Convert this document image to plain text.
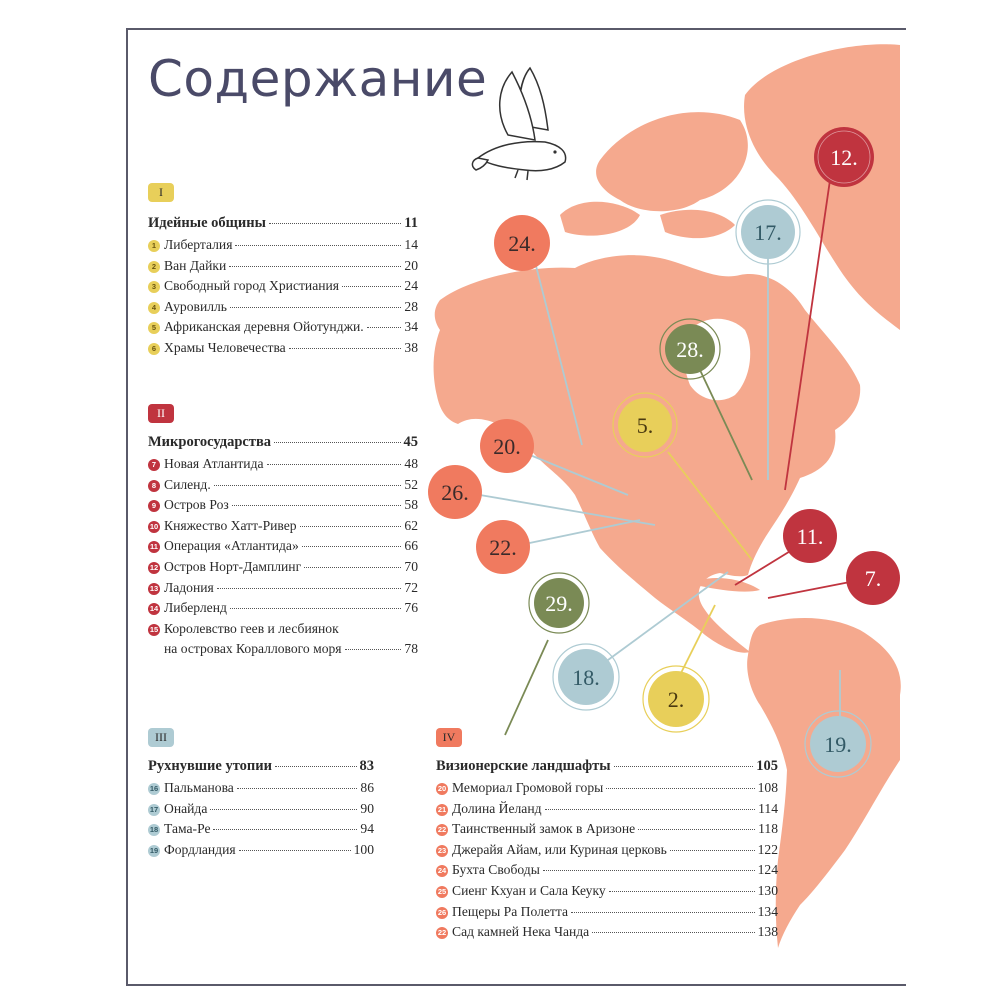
12.
17.
24.
28.
5.
20.
26.
22.	11.
7.
29.
18.
2.
19.
Содержание
I
Идейные общины	11
1 Либерталия	14
2 Ван Дайки	20
3 Свободный город Христиания	24
4 Ауровилль	28
5 Африканская деревня Ойотунджи.	34
6 Храмы Человечества	38
II
Микрогосударства	45
7 Новая Атлантида	48
8 Силенд.	52
9 Остров Роз	58
10 Княжество Хатт-Ривер	62
11 Операция «Атлантида»	66
12 Остров Норт-Дамплинг	70
13 Ладония	72
14 Либерленд	76
15 Королевство геев и лесбиянок
на островах Кораллового моря	78
III
Рухнувшие утопии	83
16 Пальманова	86
17 Онайда	90
18 Тама-Ре	94
19 Фордландия	100
IV
Визионерские ландшафты	105
20 Мемориал Громовой горы	108
21 Долина Йеланд	114
22 Таинственный замок в Аризоне	118
23 Джерайя Айам, или Куриная церковь	122
24 Бухта Свободы	124
25 Сиенг Кхуан и Сала Кеуку	130
26 Пещеры Ра Полетта	134
22 Сад камней Нека Чанда	138
